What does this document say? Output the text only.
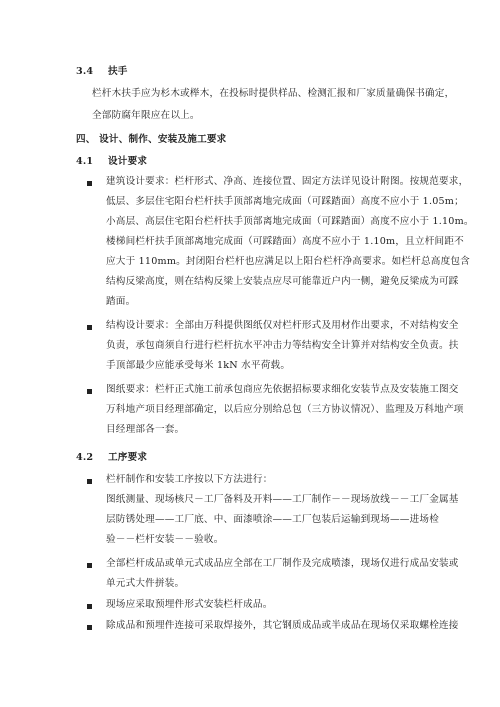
3.4 扶手
栏杆木扶手应为杉木或榉木，在投标时提供样品、检测汇报和厂家质量确保书确定，
全部防腐年限应在以上。
四、 设计、制作、安装及施工要求
4.1 设计要求
建筑设计要求：栏杆形式、净高、连接位置、固定方法详见设计附图。按规范要求，
低层、多层住宅阳台栏杆扶手顶部离地完成面（可踩踏面）高度不应小于 1.05m；
小高层、高层住宅阳台栏杆扶手顶部离地完成面（可踩踏面）高度不应小于 1.10m。
楼梯间栏杆扶手顶部离地完成面（可踩踏面）高度不应小于 1.10m，且立杆间距不
应大于 110mm。封闭阳台栏杆也应满足以上阳台栏杆净高要求。如栏杆总高度包含
结构反梁高度，则在结构反梁上安装点应尽可能靠近户内一侧，避免反梁成为可踩
踏面。
结构设计要求：全部由万科提供图纸仅对栏杆形式及用材作出要求，不对结构安全
负责，承包商须自行进行栏杆抗水平冲击力等结构安全计算并对结构安全负责。扶
手顶部最少应能承受每米 1kN 水平荷载。
图纸要求：栏杆正式施工前承包商应先依据招标要求细化安装节点及安装施工图交
万科地产项目经理部确定，以后应分别给总包（三方协议情况）、监理及万科地产项
目经理部各一套。
4.2 工序要求
栏杆制作和安装工序按以下方法进行：
图纸测量、现场核尺－工厂备料及开料——工厂制作－－现场放线－－工厂金属基
层防锈处理——工厂底、中、面漆喷涂——工厂包装后运输到现场——进场检
验－－栏杆安装－－验收。
全部栏杆成品或单元式成品应全部在工厂制作及完成喷漆，现场仅进行成品安装或
单元式大件拼装。
现场应采取预埋件形式安装栏杆成品。
除成品和预埋件连接可采取焊接外，其它钢质成品或半成品在现场仅采取螺栓连接
